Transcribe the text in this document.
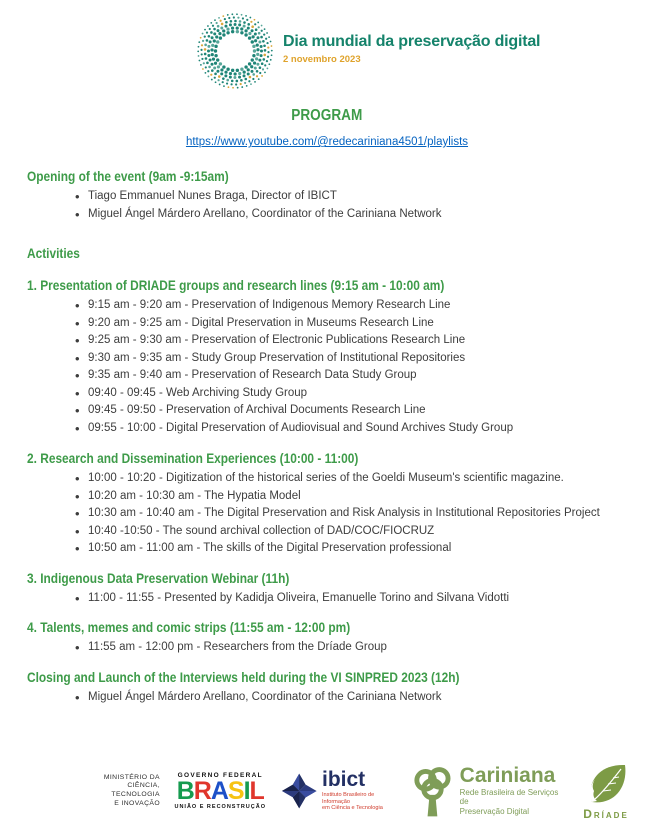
Dia mundial da preservação digital
2 novembro 2023
PROGRAM
https://www.youtube.com/@redecariniana4501/playlists
Opening of the event (9am -9:15am)
• Tiago Emmanuel Nunes Braga, Director of IBICT
• Miguel Ángel Márdero Arellano, Coordinator of the Cariniana Network
Activities
1. Presentation of DRIADE groups and research lines (9:15 am - 10:00 am)
• 9:15 am - 9:20 am - Preservation of Indigenous Memory Research Line
• 9:20 am - 9:25 am - Digital Preservation in Museums Research Line
• 9:25 am - 9:30 am - Preservation of Electronic Publications Research Line
• 9:30 am - 9:35 am - Study Group Preservation of Institutional Repositories
• 9:35 am - 9:40 am - Preservation of Research Data Study Group
• 09:40 - 09:45 - Web Archiving Study Group
• 09:45 - 09:50 - Preservation of Archival Documents Research Line
• 09:55 - 10:00 - Digital Preservation of Audiovisual and Sound Archives Study Group
2. Research and Dissemination Experiences (10:00 - 11:00)
• 10:00 - 10:20 - Digitization of the historical series of the Goeldi Museum's scientific magazine.
• 10:20 am - 10:30 am - The Hypatia Model
• 10:30 am - 10:40 am - The Digital Preservation and Risk Analysis in Institutional Repositories Project
• 10:40 -10:50 - The sound archival collection of DAD/COC/FIOCRUZ
• 10:50 am - 11:00 am - The skills of the Digital Preservation professional
3. Indigenous Data Preservation Webinar (11h)
• 11:00 - 11:55 - Presented by Kadidja Oliveira, Emanuelle Torino and Silvana Vidotti
4. Talents, memes and comic strips (11:55 am - 12:00 pm)
• 11:55 am - 12:00 pm - Researchers from the Dríade Group
Closing and Launch of the Interviews held during the VI SINPRED 2023 (12h)
• Miguel Ángel Márdero Arellano, Coordinator of the Cariniana Network
MINISTÉRIO DA
CIÊNCIA, TECNOLOGIA
E INOVAÇÃO
GOVERNO FEDERAL
BRASIL
UNIÃO E RECONSTRUÇÃO
ibict
Instituto Brasileiro de Informação
em Ciência e Tecnologia
Cariniana
Rede Brasileira de Serviços de
Preservação Digital	Dríade
